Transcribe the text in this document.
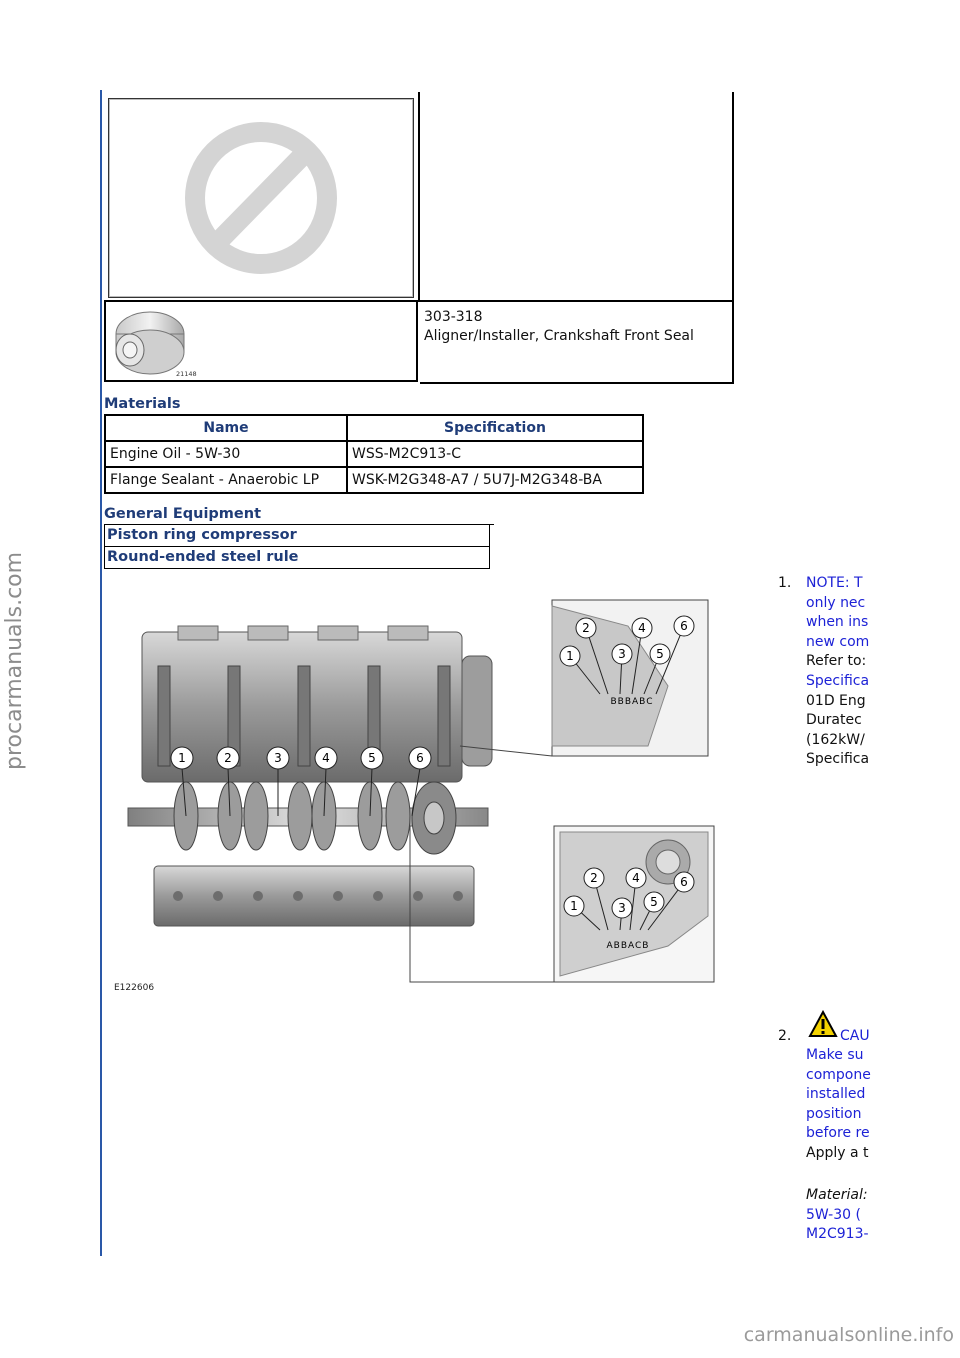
procarmanuals.com
carmanualsonline.info
21148
303-318
Aligner/Installer, Crankshaft Front Seal
Materials
Name	Specification
Engine Oil - 5W-30	WSS-M2C913-C
Flange Sealant - Anaerobic LP	WSK-M2G348-A7 / 5U7J-M2G348-BA
General Equipment
Piston ring compressor
Round-ended steel rule
1	2	3	4	5	6
2	4	6
1	3	5
BBBABC
2	4	6
1	3 5
ABBACB
E122606
1. NOTE: T
only nec
when ins
new com
Refer to:
Specifica
01D Eng
Duratec
(162kW/
Specifica
2.	CAU
Make su
compone
installed
position
before re
Apply a t
Material:
5W-30 (
M2C913-
